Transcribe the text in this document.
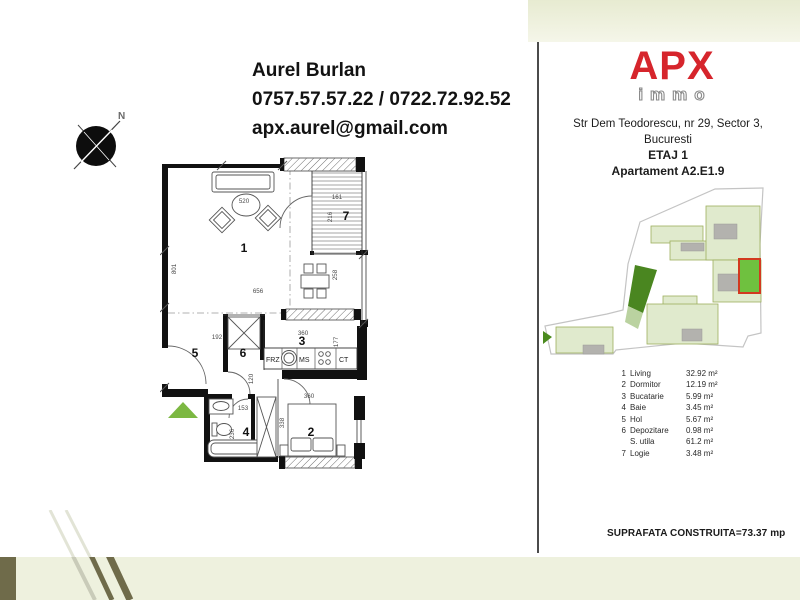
N
Aurel Burlan
0757.57.57.22 / 0722.72.92.52
apx.aurel@gmail.com
1
7
3
5	6
4	2
520
801
656
161
216
258
192
120
360
177
153
236
360
338
FRZ	MS	CT
APX
immo
Str Dem Teodorescu, nr 29, Sector 3,
Bucuresti
ETAJ 1
Apartament A2.E1.9
1 Living	32.92 m²
2 Dormitor	12.19 m²
3 Bucatarie	5.99 m²
4 Baie	3.45 m²
5 Hol	5.67 m²
6 Depozitare	0.98 m²
S. utila	61.2 m²
7 Logie	3.48 m²
SUPRAFATA CONSTRUITA=73.37 mp
